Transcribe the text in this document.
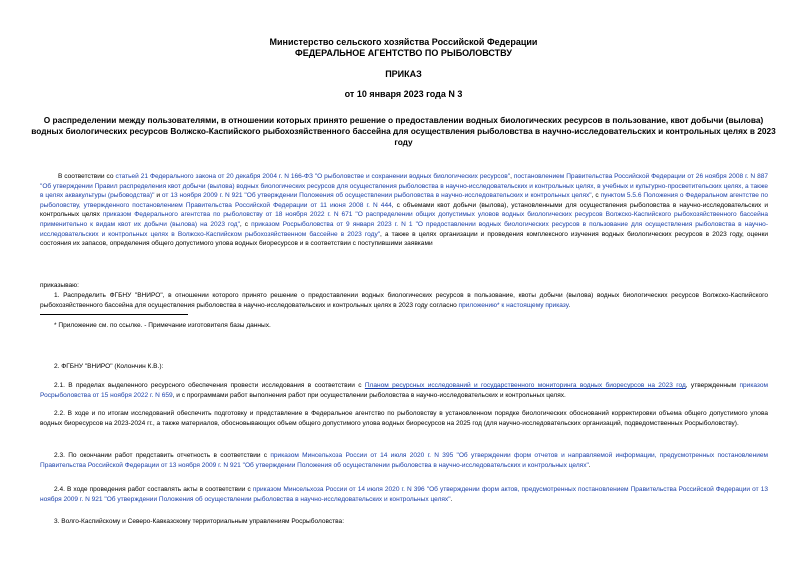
Министерство сельского хозяйства Российской Федерации
ФЕДЕРАЛЬНОЕ АГЕНТСТВО ПО РЫБОЛОВСТВУ
ПРИКАЗ
от 10 января 2023 года N 3
О распределении между пользователями, в отношении которых принято решение о предоставлении водных биологических ресурсов в пользование, квот добычи (вылова) водных биологических ресурсов Волжско-Каспийского рыбохозяйственного бассейна для осуществления рыболовства в научно-исследовательских и контрольных целях в 2023 году
В соответствии со статьей 21 Федерального закона от 20 декабря 2004 г. N 166-ФЗ "О рыболовстве и сохранении водных биологических ресурсов", постановлением Правительства Российской Федерации от 26 ноября 2008 г. N 887 "Об утверждении Правил распределения квот добычи (вылова) водных биологических ресурсов для осуществления рыболовства в научно-исследовательских и контрольных целях, в учебных и культурно-просветительских целях, а также в целях аквакультуры (рыбоводства)" и от 13 ноября 2009 г. N 921 "Об утверждении Положения об осуществлении рыболовства в научно-исследовательских и контрольных целях", с пунктом 5.5.6 Положения о Федеральном агентстве по рыболовству, утвержденного постановлением Правительства Российской Федерации от 11 июня 2008 г. N 444, с объемами квот добычи (вылова), установленными для осуществления рыболовства в научно-исследовательских и контрольных целях приказом Федерального агентства по рыболовству от 18 ноября 2022 г. N 671 "О распределении общих допустимых уловов водных биологических ресурсов Волжско-Каспийского рыбохозяйственного бассейна применительно к видам квот их добычи (вылова) на 2023 год", с приказом Росрыболовства от 9 января 2023 г. N 1 "О предоставлении водных биологических ресурсов в пользование для осуществления рыболовства в научно-исследовательских и контрольных целях в Волжско-Каспийском рыбохозяйственном бассейне в 2023 году", а также в целях организации и проведения комплексного изучения водных биологических ресурсов в 2023 году, оценки состояния их запасов, определения общего допустимого улова водных биоресурсов и в соответствии с поступившими заявками
приказываю:
1. Распределить ФГБНУ "ВНИРО", в отношении которого принято решение о предоставлении водных биологических ресурсов в пользование, квоты добычи (вылова) водных биологических ресурсов Волжско-Каспийского рыбохозяйственного бассейна для осуществления рыболовства в научно-исследовательских и контрольных целях в 2023 году согласно приложению* к настоящему приказу.
* Приложение см. по ссылке. - Примечание изготовителя базы данных.
2. ФГБНУ "ВНИРО" (Колончин К.В.):
2.1. В пределах выделенного ресурсного обеспечения провести исследования в соответствии с Планом ресурсных исследований и государственного мониторинга водных биоресурсов на 2023 год, утвержденным приказом Росрыболовства от 15 ноября 2022 г. N 659, и с программами работ выполнения работ при осуществлении рыболовства в научно-исследовательских и контрольных целях.
2.2. В ходе и по итогам исследований обеспечить подготовку и представление в Федеральное агентство по рыболовству в установленном порядке биологических обоснований корректировки объема общего допустимого улова водных биоресурсов на 2023-2024 гг., а также материалов, обосновывающих объем общего допустимого улова водных биоресурсов на 2025 год (для научно-исследовательских организаций, подведомственных Росрыболовству).
2.3. По окончании работ представить отчетность в соответствии с приказом Минсельхоза России от 14 июля 2020 г. N 395 "Об утверждении форм отчетов и направляемой информации, предусмотренных постановлением Правительства Российской Федерации от 13 ноября 2009 г. N 921 "Об утверждении Положения об осуществлении рыболовства в научно-исследовательских и контрольных целях".
2.4. В ходе проведения работ составлять акты в соответствии с приказом Минсельхоза России от 14 июля 2020 г. N 396 "Об утверждении форм актов, предусмотренных постановлением Правительства Российской Федерации от 13 ноября 2009 г. N 921 "Об утверждении Положения об осуществлении рыболовства в научно-исследовательских и контрольных целях".
3. Волго-Каспийскому и Северо-Кавказскому территориальным управлениям Росрыболовства:
